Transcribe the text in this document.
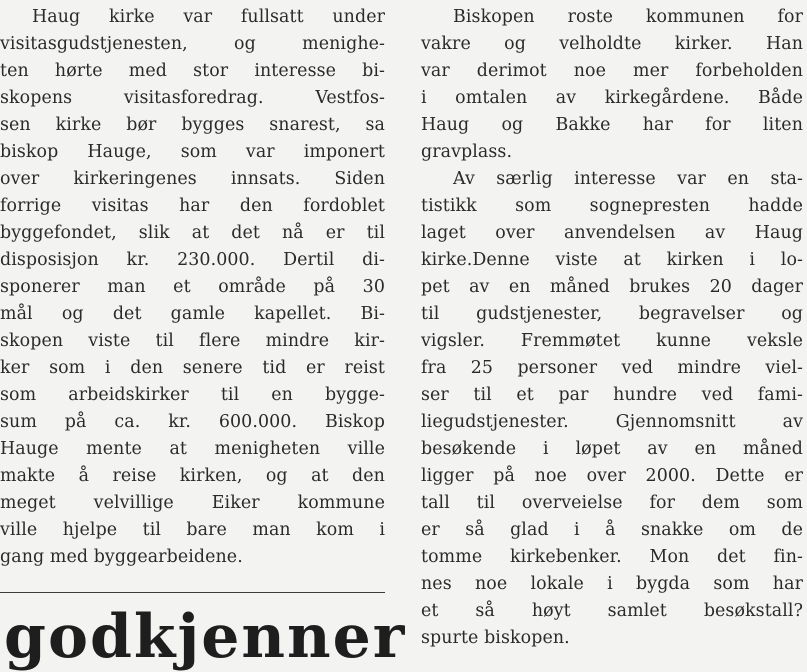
Haug kirke var fullsatt under
visitasgudstjenesten, og menighe-
ten hørte med stor interesse bi-
skopens visitasforedrag. Vestfos-
sen kirke bør bygges snarest, sa
biskop Hauge, som var imponert
over kirkeringenes innsats. Siden
forrige visitas har den fordoblet
byggefondet, slik at det nå er til
disposisjon kr. 230.000. Dertil di-
sponerer man et område på 30
mål og det gamle kapellet. Bi-
skopen viste til flere mindre kir-
ker som i den senere tid er reist
som arbeidskirker til en bygge-
sum på ca. kr. 600.000. Biskop
Hauge mente at menigheten ville
makte å reise kirken, og at den
meget velvillige Eiker kommune
ville hjelpe til bare man kom i
gang med byggearbeidene.
Biskopen roste kommunen for
vakre og velholdte kirker. Han
var derimot noe mer forbeholden
i omtalen av kirkegårdene. Både
Haug og Bakke har for liten
gravplass.
Av særlig interesse var en sta-
tistikk som sognepresten hadde
laget over anvendelsen av Haug
kirke.Denne viste at kirken i lo-
pet av en måned brukes 20 dager
til gudstjenester, begravelser og
vigsler. Fremmøtet kunne veksle
fra 25 personer ved mindre viel-
ser til et par hundre ved fami-
liegudstjenester. Gjennomsnitt av
besøkende i løpet av en måned
ligger på noe over 2000. Dette er
tall til overveielse for dem som
er så glad i å snakke om de
tomme kirkebenker. Mon det fin-
nes noe lokale i bygda som har
et så høyt samlet besøkstall?
spurte biskopen.
godkjenner
